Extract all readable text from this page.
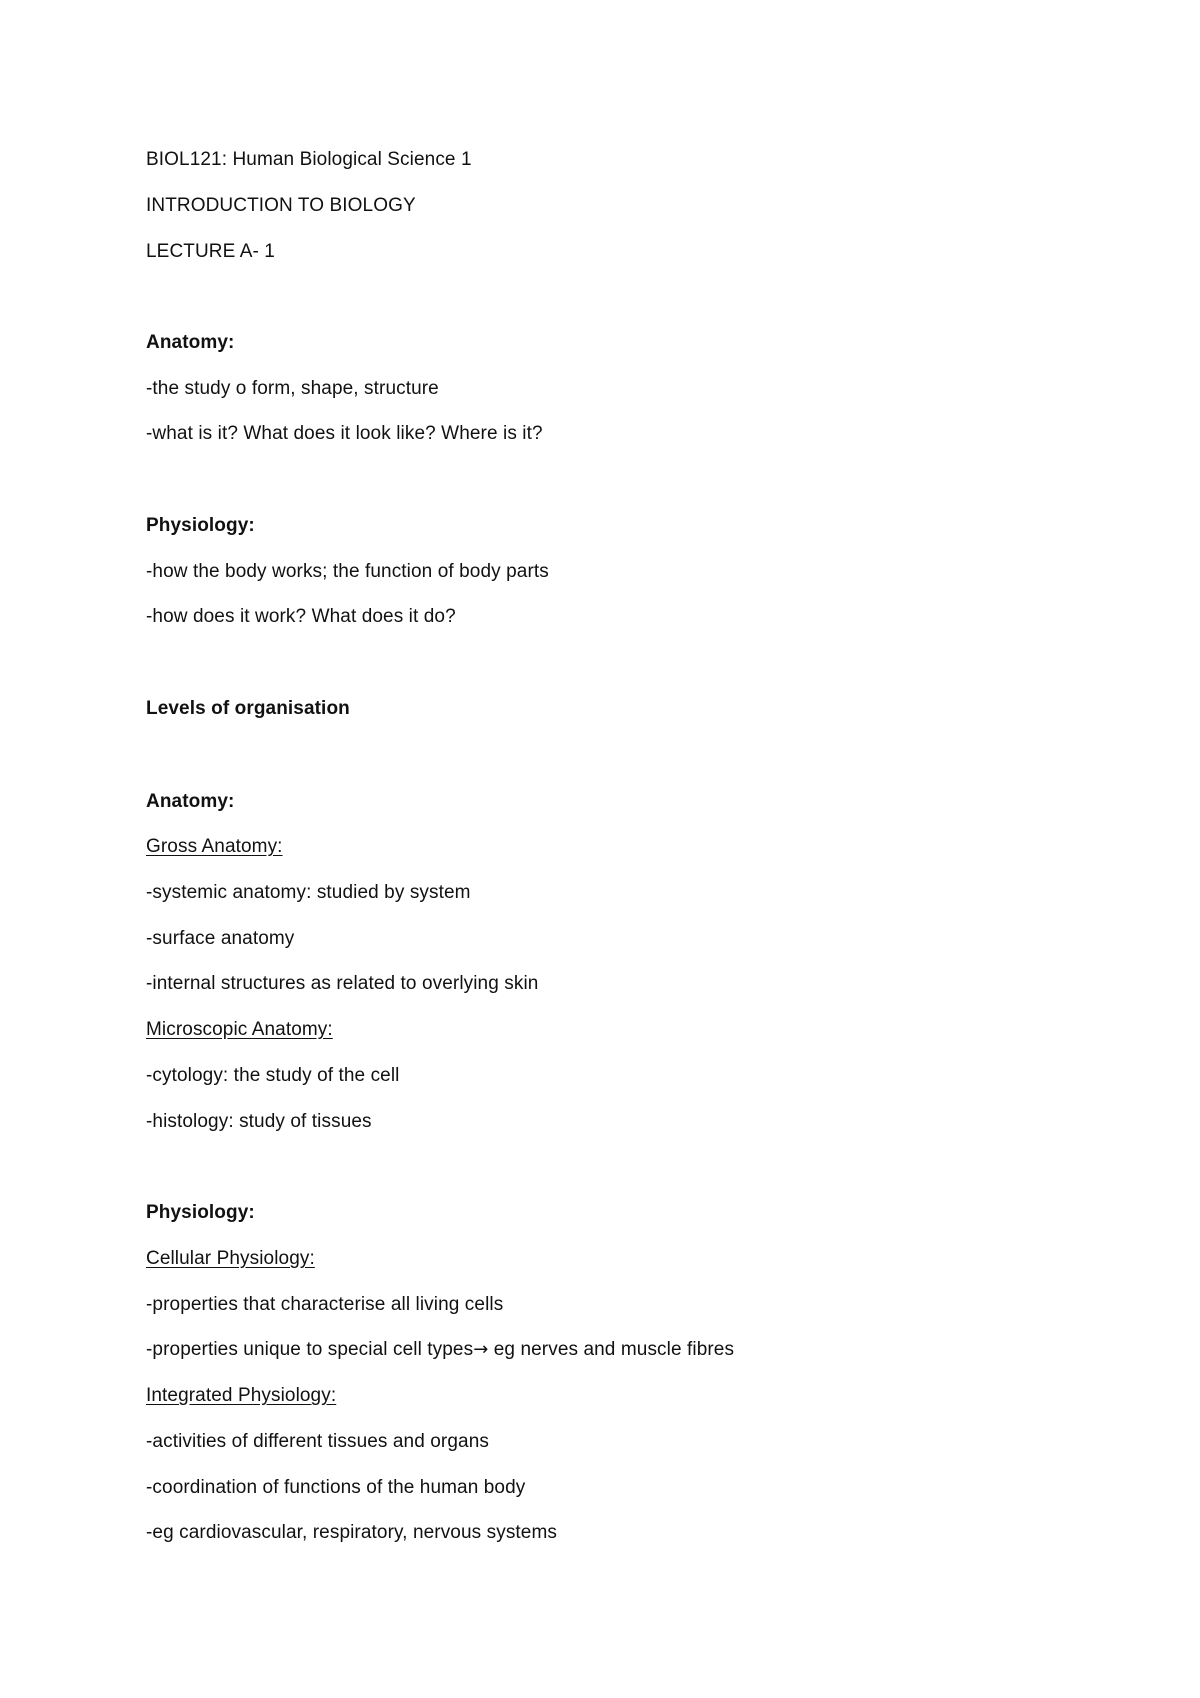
BIOL121: Human Biological Science 1
INTRODUCTION TO BIOLOGY
LECTURE A- 1
Anatomy:
-the study o form, shape, structure
-what is it? What does it look like? Where is it?
Physiology:
-how the body works; the function of body parts
-how does it work? What does it do?
Levels of organisation
Anatomy:
Gross Anatomy:
-systemic anatomy: studied by system
-surface anatomy
-internal structures as related to overlying skin
Microscopic Anatomy:
-cytology: the study of the cell
-histology: study of tissues
Physiology:
Cellular Physiology:
-properties that characterise all living cells
-properties unique to special cell types→ eg nerves and muscle fibres
Integrated Physiology:
-activities of different tissues and organs
-coordination of functions of the human body
-eg cardiovascular, respiratory, nervous systems
